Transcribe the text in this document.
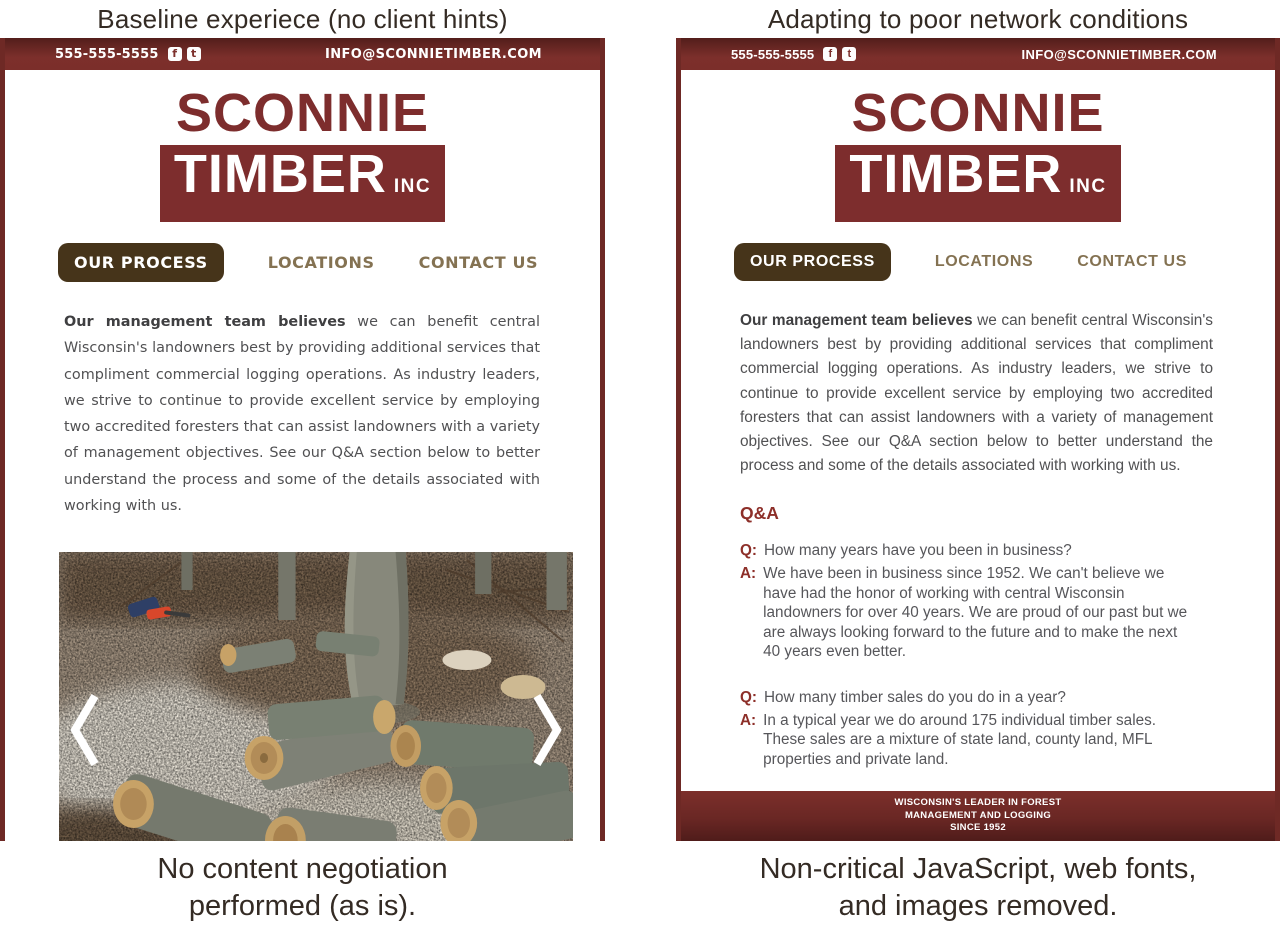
Baseline experiece (no client hints)
555-555-5555	f	t	INFO@SCONNIETIMBER.COM
SCONNIE
TIMBER INC
OUR PROCESS	LOCATIONS	CONTACT US

Our management team believes we can benefit central Wisconsin's landowners best by providing additional services that compliment commercial logging operations. As industry leaders, we strive to continue to provide excellent service by employing two accredited foresters that can assist landowners with a variety of management objectives. See our Q&A section below to better understand the process and some of the details associated with working with us.

No content negotiation
performed (as is).
Adapting to poor network conditions
555-555-5555	f	t	INFO@SCONNIETIMBER.COM
SCONNIE
TIMBER INC
OUR PROCESS	LOCATIONS	CONTACT US

Our management team believes we can benefit central Wisconsin's landowners best by providing additional services that compliment commercial logging operations. As industry leaders, we strive to continue to provide excellent service by employing two accredited foresters that can assist landowners with a variety of management objectives. See our Q&A section below to better understand the process and some of the details associated with working with us.

Q&A
Q: How many years have you been in business?
A: We have been in business since 1952. We can't believe we have had the honor of working with central Wisconsin landowners for over 40 years. We are proud of our past but we are always looking forward to the future and to make the next 40 years even better.
Q: How many timber sales do you do in a year?
A: In a typical year we do around 175 individual timber sales. These sales are a mixture of state land, county land, MFL properties and private land.
WISCONSIN'S LEADER IN FOREST
MANAGEMENT AND LOGGING
SINCE 1952
Non-critical JavaScript, web fonts,
and images removed.
